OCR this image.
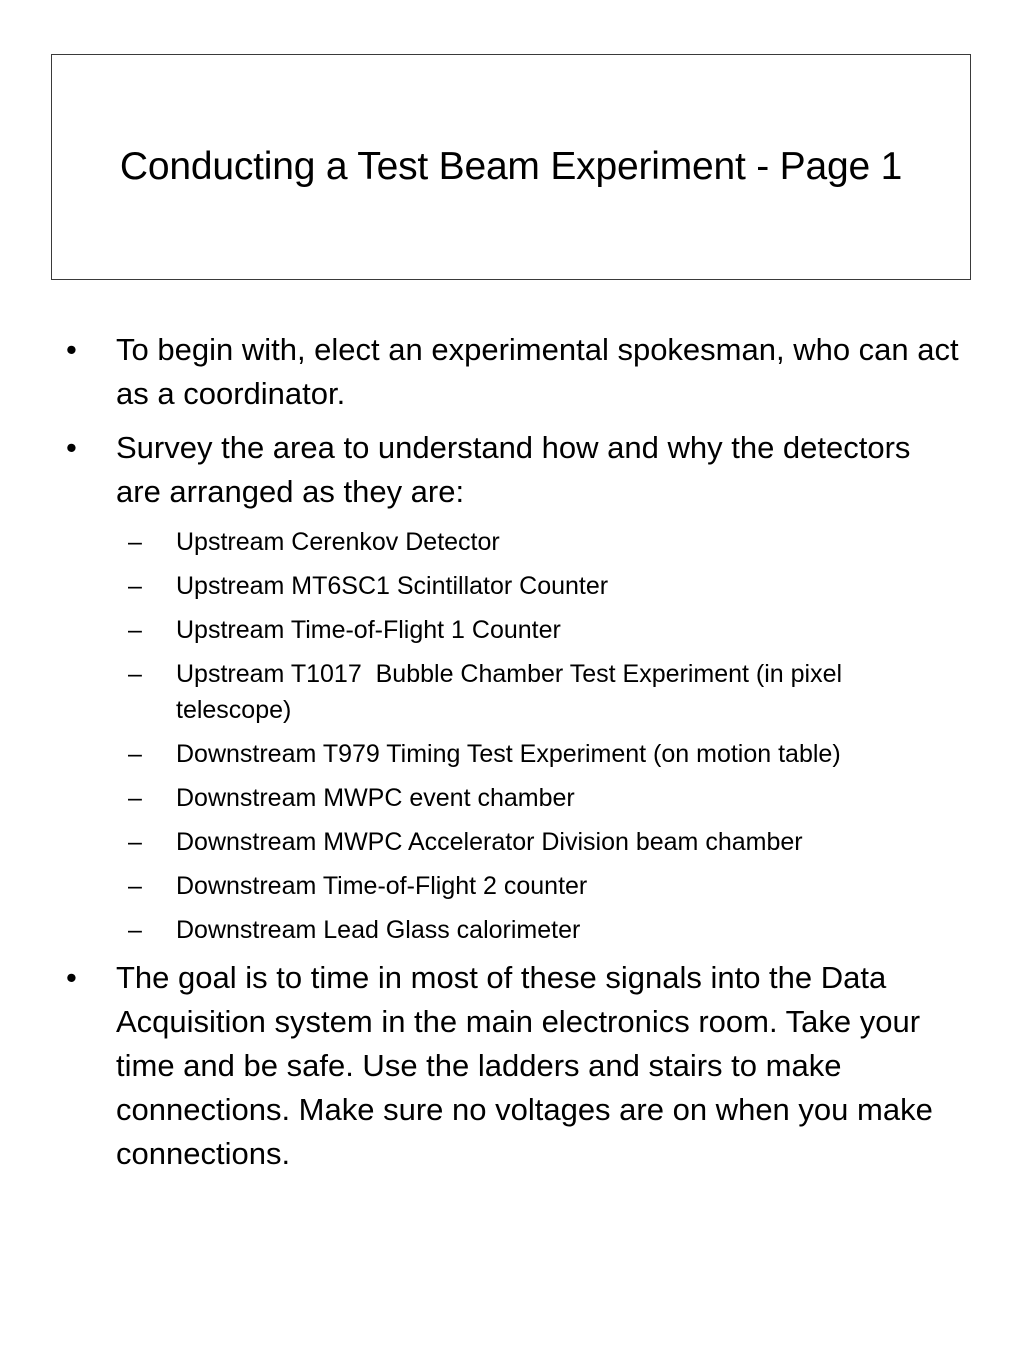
Conducting a Test Beam Experiment - Page 1
• To begin with, elect an experimental spokesman, who can act as a coordinator.
• Survey the area to understand how and why the detectors are arranged as they are:
– Upstream Cerenkov Detector
– Upstream MT6SC1 Scintillator Counter
– Upstream Time-of-Flight 1 Counter
– Upstream T1017  Bubble Chamber Test Experiment (in pixel telescope)
– Downstream T979 Timing Test Experiment (on motion table)
– Downstream MWPC event chamber
– Downstream MWPC Accelerator Division beam chamber
– Downstream Time-of-Flight 2 counter
– Downstream Lead Glass calorimeter
• The goal is to time in most of these signals into the Data Acquisition system in the main electronics room. Take your time and be safe. Use the ladders and stairs to make connections. Make sure no voltages are on when you make connections.
